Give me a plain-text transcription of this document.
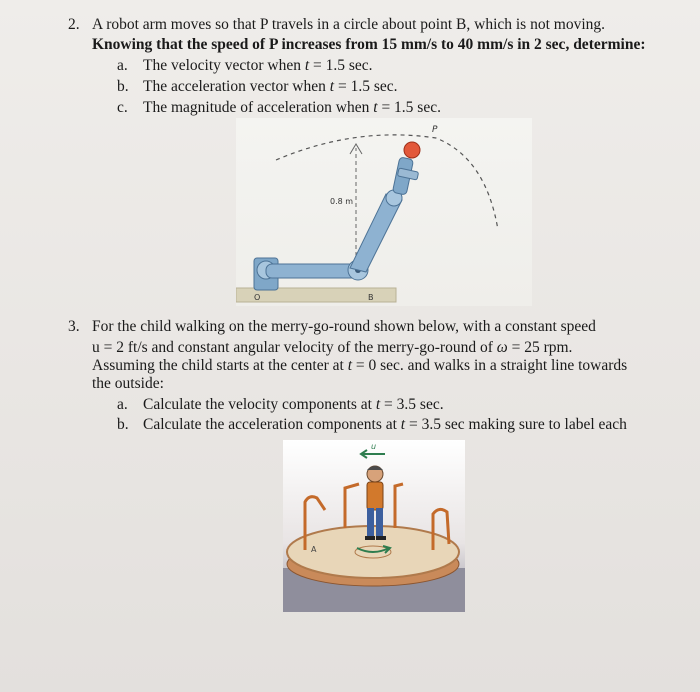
2. A robot arm moves so that P travels in a circle about point B, which is not moving.
Knowing that the speed of P increases from 15 mm/s to 40 mm/s in 2 sec, determine:
a. The velocity vector when t = 1.5 sec.
b. The acceleration vector when t = 1.5 sec.
c. The magnitude of acceleration when t = 1.5 sec.
P
0.8 m
O	B
3. For the child walking on the merry-go-round shown below, with a constant speed
u = 2 ft/s and constant angular velocity of the merry-go-round of ω = 25 rpm.
Assuming the child starts at the center at t = 0 sec. and walks in a straight line towards
the outside:
a. Calculate the velocity components at t = 3.5 sec.
b. Calculate the acceleration components at t = 3.5 sec making sure to label each
u
A
